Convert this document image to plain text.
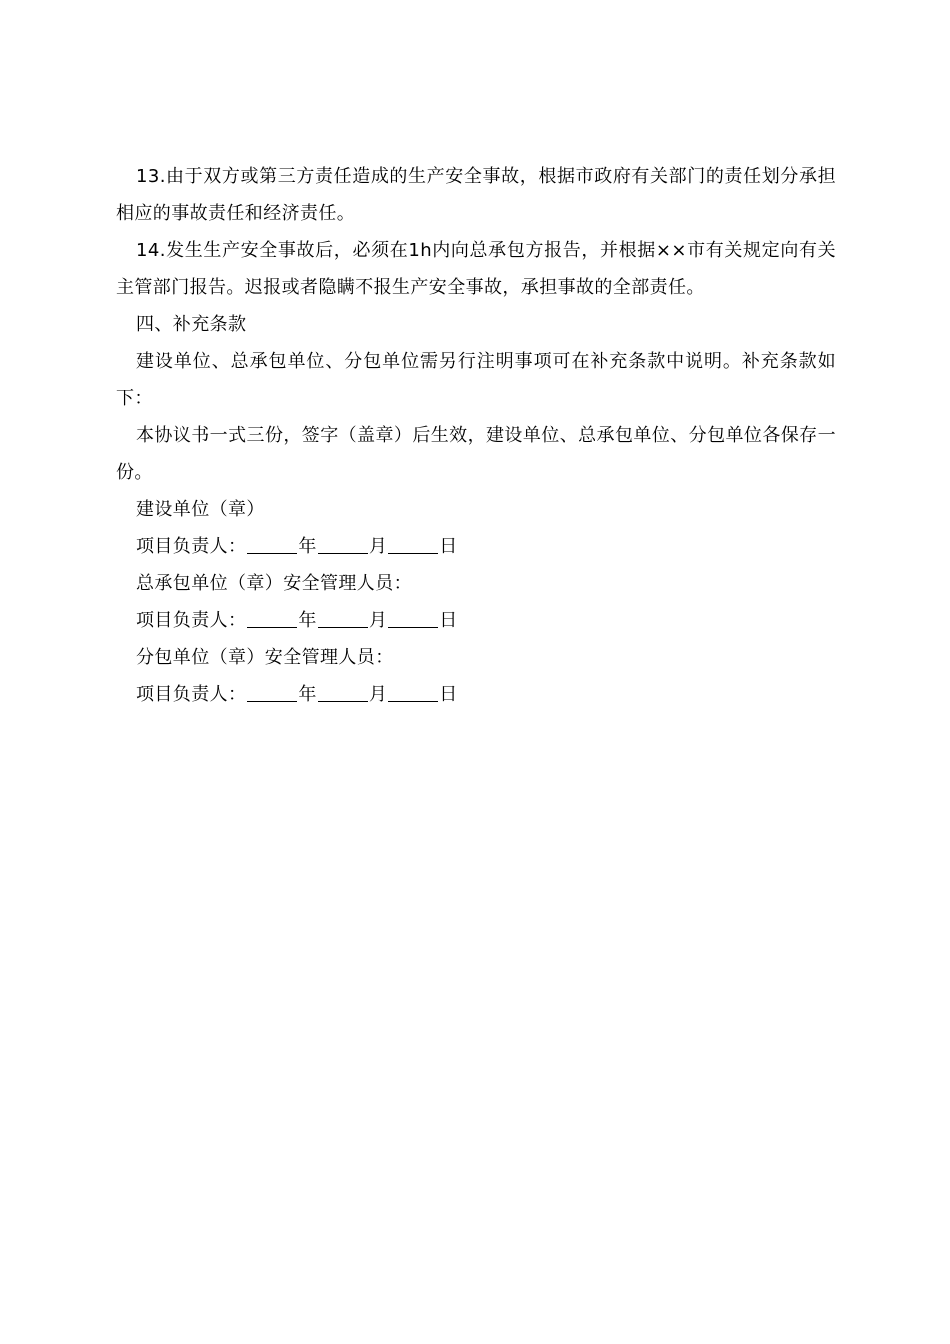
13.由于双方或第三方责任造成的生产安全事故，根据市政府有关部门的责任划分承担相应的事故责任和经济责任。

14.发生生产安全事故后，必须在1h内向总承包方报告，并根据××市有关规定向有关主管部门报告。迟报或者隐瞒不报生产安全事故，承担事故的全部责任。

四、补充条款

建设单位、总承包单位、分包单位需另行注明事项可在补充条款中说明。补充条款如下：

本协议书一式三份，签字（盖章）后生效，建设单位、总承包单位、分包单位各保存一份。

建设单位（章）

项目负责人：	年	月	日

总承包单位（章）安全管理人员：

项目负责人：	年	月	日

分包单位（章）安全管理人员：

项目负责人：	年	月	日
